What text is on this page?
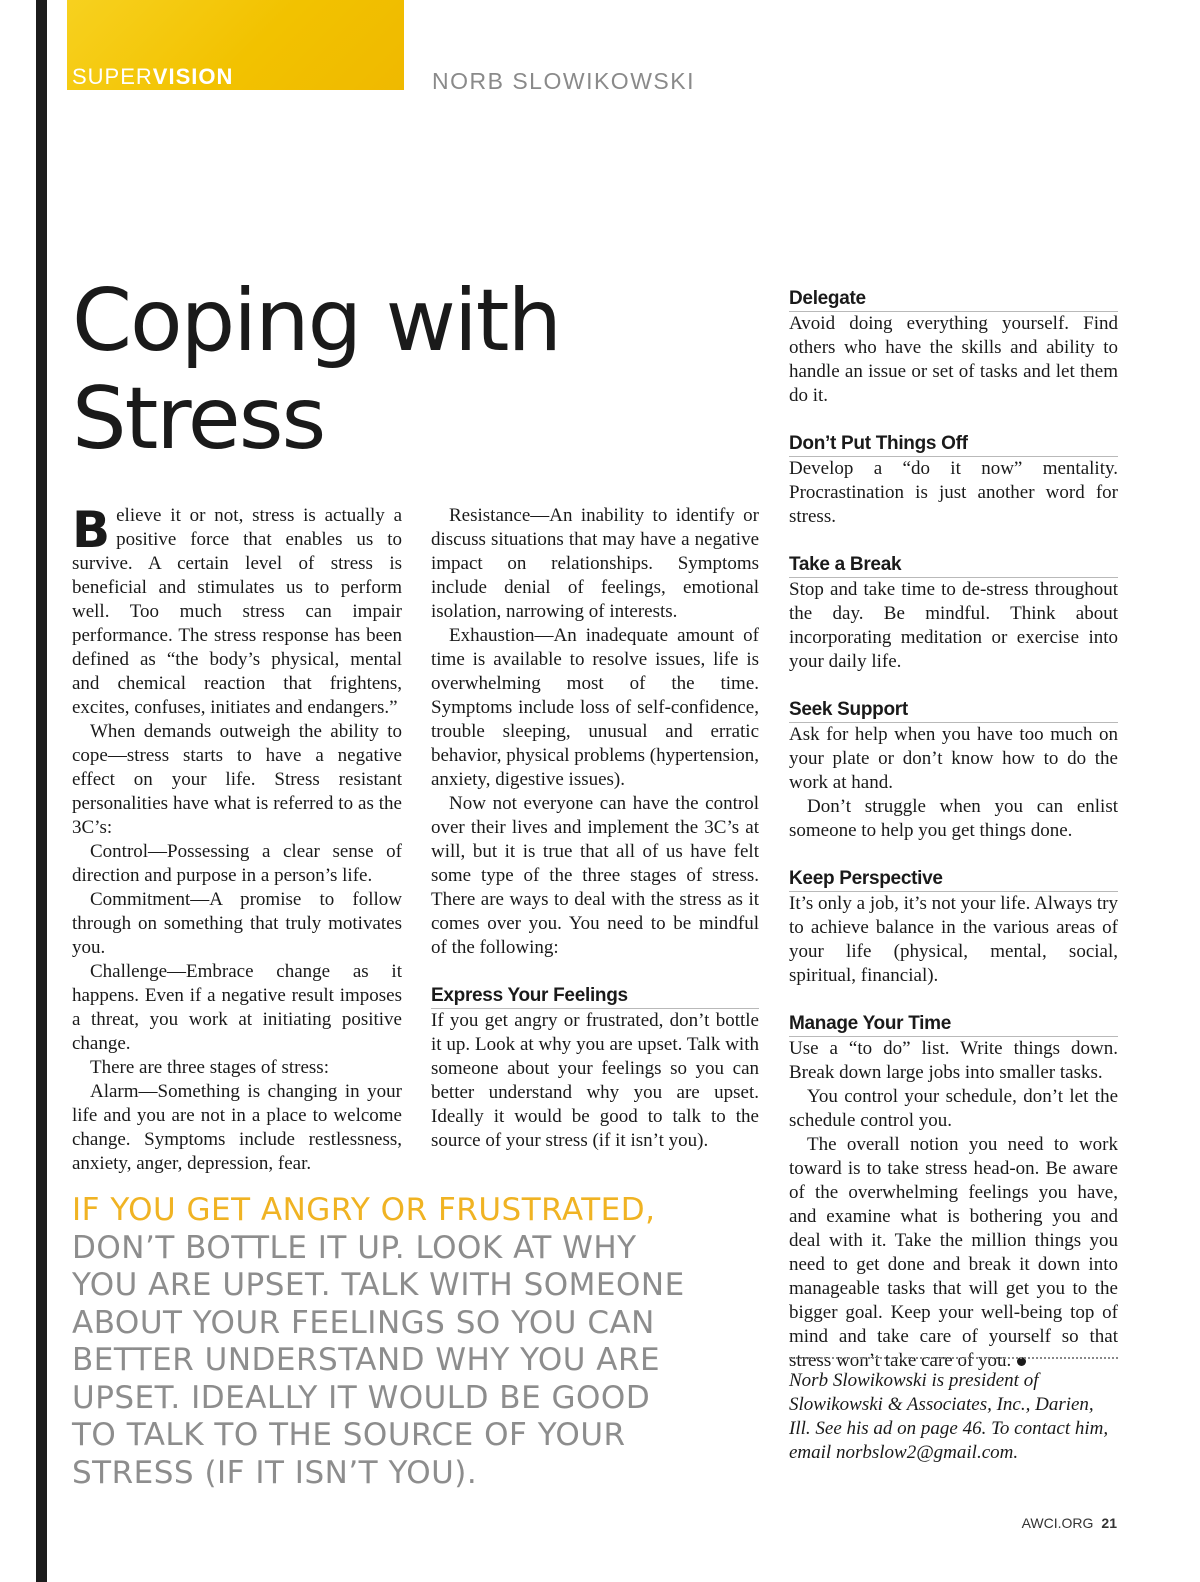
SUPERVISION	NORB SLOWIKOWSKI
Coping with
Stress

Believe it or not, stress is actually a positive force that enables us to survive. A certain level of stress is beneficial and stimulates us to perform well. Too much stress can impair performance. The stress response has been defined as “the body’s physical, mental and chemical reaction that frightens, excites, confuses, initiates and endangers.”

When demands outweigh the ability to cope—stress starts to have a negative effect on your life. Stress resistant personalities have what is referred to as the 3C’s:

Control—Possessing a clear sense of direction and purpose in a person’s life.

Commitment—A promise to follow through on something that truly motivates you.

Challenge—Embrace change as it happens. Even if a negative result imposes a threat, you work at initiating positive change.

There are three stages of stress:

Alarm—Something is changing in your life and you are not in a place to welcome change. Symptoms include restlessness, anxiety, anger, depression, fear.

Resistance—An inability to identify or discuss situations that may have a negative impact on relationships. Symptoms include denial of feelings, emotional isolation, narrowing of interests.

Exhaustion—An inadequate amount of time is available to resolve issues, life is overwhelming most of the time. Symptoms include loss of self-confidence, trouble sleeping, unusual and erratic behavior, physical problems (hypertension, anxiety, digestive issues).

Now not everyone can have the control over their lives and implement the 3C’s at will, but it is true that all of us have felt some type of the three stages of stress. There are ways to deal with the stress as it comes over you. You need to be mindful of the following:

Express Your Feelings

If you get angry or frustrated, don’t bottle it up. Look at why you are upset. Talk with someone about your feelings so you can better understand why you are upset. Ideally it would be good to talk to the source of your stress (if it isn’t you).

Delegate

Avoid doing everything yourself. Find others who have the skills and ability to handle an issue or set of tasks and let them do it.

Don’t Put Things Off

Develop a “do it now” mentality. Procrastination is just another word for stress.

Take a Break

Stop and take time to de-stress throughout the day. Be mindful. Think about incorporating meditation or exercise into your daily life.

Seek Support

Ask for help when you have too much on your plate or don’t know how to do the work at hand.

Don’t struggle when you can enlist someone to help you get things done.

Keep Perspective

It’s only a job, it’s not your life. Always try to achieve balance in the various areas of your life (physical, mental, social, spiritual, financial).

Manage Your Time

Use a “to do” list. Write things down. Break down large jobs into smaller tasks.

You control your schedule, don’t let the schedule control you.

The overall notion you need to work toward is to take stress head-on. Be aware of the overwhelming feelings you have, and examine what is bothering you and deal with it. Take the million things you need to get done and break it down into manageable tasks that will get you to the bigger goal. Keep your well-being top of mind and take care of yourself so that stress won’t take care of you.

IF YOU GET ANGRY OR FRUSTRATED, DON’T BOTTLE IT UP. LOOK AT WHY YOU ARE UPSET. TALK WITH SOMEONE ABOUT YOUR FEELINGS SO YOU CAN BETTER UNDERSTAND WHY YOU ARE UPSET. IDEALLY IT WOULD BE GOOD TO TALK TO THE SOURCE OF YOUR STRESS (IF IT ISN’T YOU).
Norb Slowikowski is president of Slowikowski & Associates, Inc., Darien, Ill. See his ad on page 46. To contact him, email norbslow2@gmail.com.
AWCI.ORG 21
